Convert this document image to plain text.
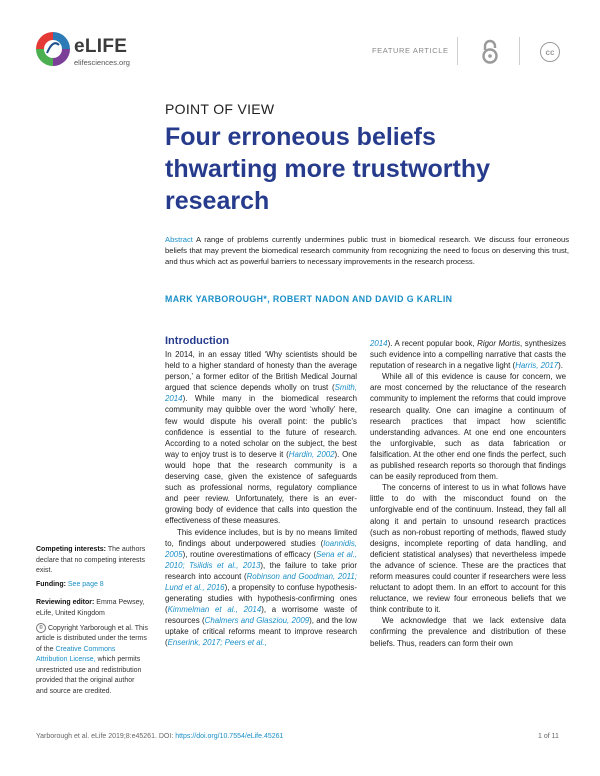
eLIFE
elifesciences.org
FEATURE ARTICLE	cc
POINT OF VIEW
Four erroneous beliefs
thwarting more trustworthy
research
Abstract A range of problems currently undermines public trust in biomedical research. We discuss four erroneous beliefs that may prevent the biomedical research community from recognizing the need to focus on deserving this trust, and thus which act as powerful barriers to necessary improvements in the research process.
MARK YARBOROUGH*, ROBERT NADON AND DAVID G KARLIN
Competing interests: The authors declare that no competing interests exist.
Funding: See page 8
Reviewing editor: Emma Pewsey, eLife, United Kingdom
© Copyright Yarborough et al. This article is distributed under the terms of the Creative Commons Attribution License, which permits unrestricted use and redistribution provided that the original author and source are credited.
Introduction

In 2014, in an essay titled ‘Why scientists should be held to a higher standard of honesty than the average person,’ a former editor of the British Medical Journal argued that science depends wholly on trust (Smith, 2014). While many in the biomedical research community may quibble over the word ‘wholly’ here, few would dispute his overall point: the public’s confidence is essential to the future of research. According to a noted scholar on the subject, the best way to enjoy trust is to deserve it (Hardin, 2002). One would hope that the research community is a deserving case, given the existence of safeguards such as professional norms, regulatory compliance and peer review. Unfortunately, there is an ever-growing body of evidence that calls into question the effectiveness of these measures.

This evidence includes, but is by no means limited to, findings about underpowered studies (Ioannidis, 2005), routine overestimations of efficacy (Sena et al., 2010; Tsilidis et al., 2013), the failure to take prior research into account (Robinson and Goodman, 2011; Lund et al., 2016), a propensity to confuse hypothesis-generating studies with hypothesis-confirming ones (Kimmelman et al., 2014), a worrisome waste of resources (Chalmers and Glasziou, 2009), and the low uptake of critical reforms meant to improve research (Enserink, 2017; Peers et al.,

2014). A recent popular book, Rigor Mortis, synthesizes such evidence into a compelling narrative that casts the reputation of research in a negative light (Harris, 2017).

While all of this evidence is cause for concern, we are most concerned by the reluctance of the research community to implement the reforms that could improve research quality. One can imagine a continuum of research practices that impact how scientific understanding advances. At one end one encounters the unforgivable, such as data fabrication or falsification. At the other end one finds the perfect, such as published research reports so thorough that findings can be easily reproduced from them.

The concerns of interest to us in what follows have little to do with the misconduct found on the unforgivable end of the continuum. Instead, they fall all along it and pertain to unsound research practices (such as non-robust reporting of methods, flawed study designs, incomplete reporting of data handling, and deficient statistical analyses) that nevertheless impede the advance of science. These are the practices that reform measures could counter if researchers were less reluctant to adopt them. In an effort to account for this reluctance, we review four erroneous beliefs that we think contribute to it.

We acknowledge that we lack extensive data confirming the prevalence and distribution of these beliefs. Thus, readers can form their own

Yarborough et al. eLife 2019;8:e45261. DOI: https://doi.org/10.7554/eLife.45261	1 of 11
